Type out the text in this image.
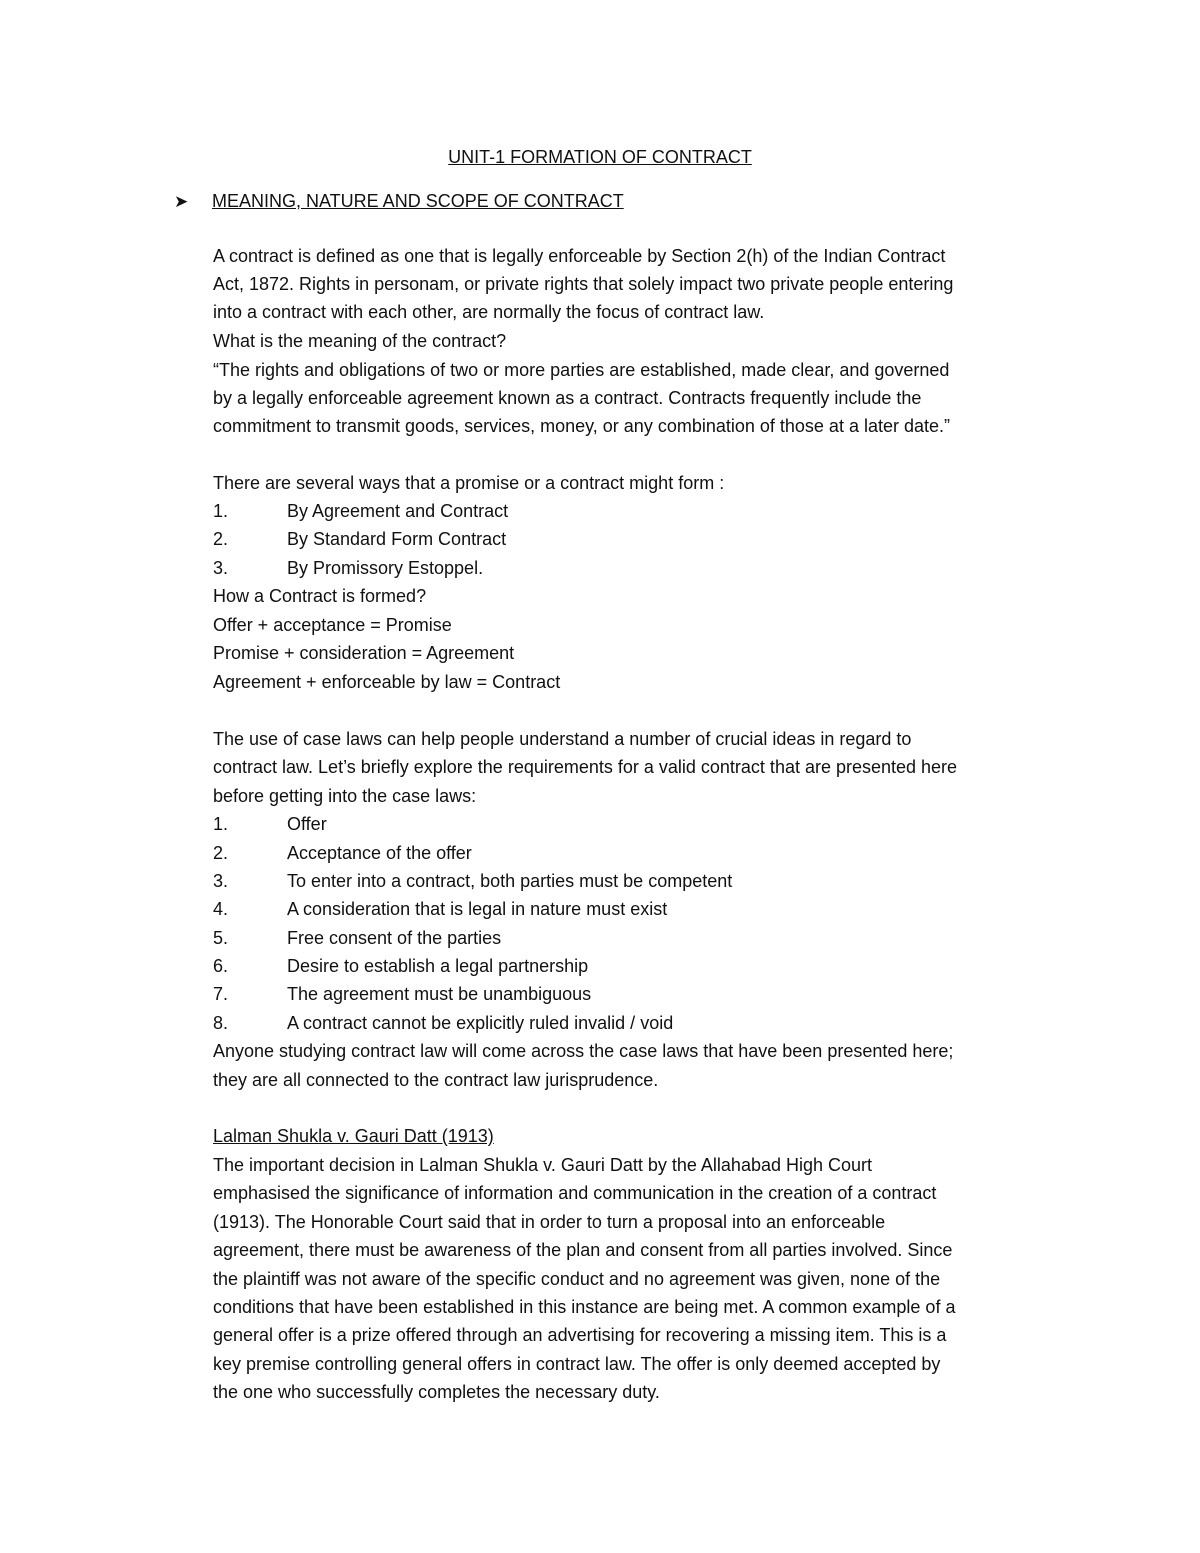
UNIT-1 FORMATION OF CONTRACT
➤ MEANING, NATURE AND SCOPE OF CONTRACT

A contract is defined as one that is legally enforceable by Section 2(h) of the Indian Contract

Act, 1872. Rights in personam, or private rights that solely impact two private people entering

into a contract with each other, are normally the focus of contract law.

What is the meaning of the contract?

“The rights and obligations of two or more parties are established, made clear, and governed

by a legally enforceable agreement known as a contract. Contracts frequently include the

commitment to transmit goods, services, money, or any combination of those at a later date.”

There are several ways that a promise or a contract might form :

1.	By Agreement and Contract

2.	By Standard Form Contract

3.	By Promissory Estoppel.

How a Contract is formed?

Offer + acceptance = Promise

Promise + consideration = Agreement

Agreement + enforceable by law = Contract

The use of case laws can help people understand a number of crucial ideas in regard to

contract law. Let’s briefly explore the requirements for a valid contract that are presented here

before getting into the case laws:

1.	Offer

2.	Acceptance of the offer

3.	To enter into a contract, both parties must be competent

4.	A consideration that is legal in nature must exist

5.	Free consent of the parties

6.	Desire to establish a legal partnership

7.	The agreement must be unambiguous

8.	A contract cannot be explicitly ruled invalid / void

Anyone studying contract law will come across the case laws that have been presented here;

they are all connected to the contract law jurisprudence.

Lalman Shukla v. Gauri Datt (1913)

The important decision in Lalman Shukla v. Gauri Datt by the Allahabad High Court

emphasised the significance of information and communication in the creation of a contract

(1913). The Honorable Court said that in order to turn a proposal into an enforceable

agreement, there must be awareness of the plan and consent from all parties involved. Since

the plaintiff was not aware of the specific conduct and no agreement was given, none of the

conditions that have been established in this instance are being met. A common example of a

general offer is a prize offered through an advertising for recovering a missing item. This is a

key premise controlling general offers in contract law. The offer is only deemed accepted by

the one who successfully completes the necessary duty.
